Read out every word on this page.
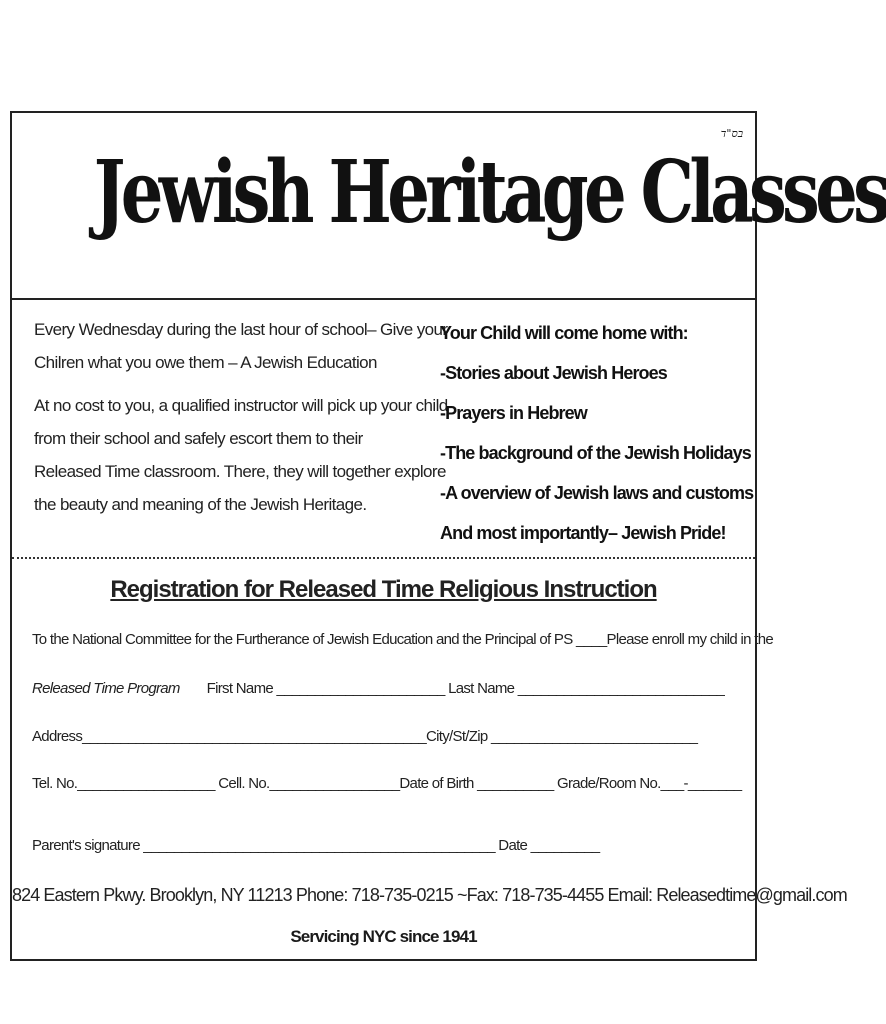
Jewish Heritage Classes
בס"ד

Every Wednesday during the last hour of school– Give your
Chilren what you owe them – A Jewish Education

At no cost to you, a qualified instructor will pick up your child
from their school and safely escort them to their
Released Time classroom. There, they will together explore
the beauty and meaning of the Jewish Heritage.

Your Child will come home with:
-Stories about Jewish Heroes
-Prayers in Hebrew
-The background of the Jewish Holidays
-A overview of Jewish laws and customs
And most importantly– Jewish Pride!
Registration for Released Time Religious Instruction
To the National Committee for the Furtherance of Jewish Education and the Principal of PS ____Please enroll my child in the
Released Time Program First Name ______________________ Last Name ___________________________
Address_____________________________________________City/St/Zip ___________________________
Tel. No.__________________ Cell. No._________________Date of Birth __________ Grade/Room No.___-_______
Parent's signature ______________________________________________ Date _________
824 Eastern Pkwy. Brooklyn, NY 11213 Phone: 718-735-0215 ~Fax: 718-735-4455 Email: Releasedtime@gmail.com
Servicing NYC since 1941
